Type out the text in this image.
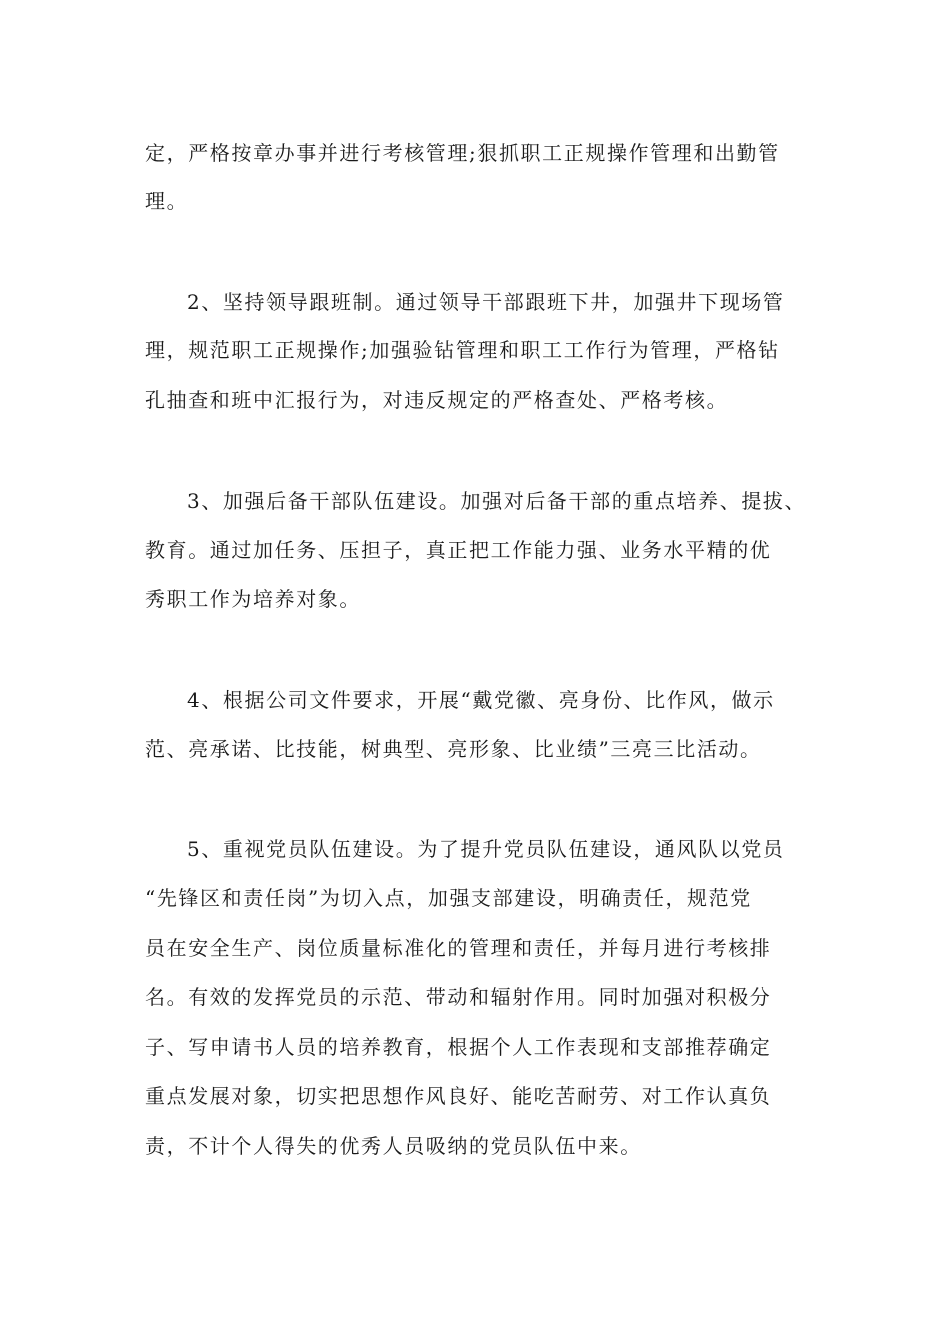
定，严格按章办事并进行考核管理;狠抓职工正规操作管理和出勤管

理。

2、坚持领导跟班制。通过领导干部跟班下井，加强井下现场管

理，规范职工正规操作;加强验钻管理和职工工作行为管理，严格钻

孔抽查和班中汇报行为，对违反规定的严格查处、严格考核。

3、加强后备干部队伍建设。加强对后备干部的重点培养、提拔、

教育。通过加任务、压担子，真正把工作能力强、业务水平精的优

秀职工作为培养对象。

4、根据公司文件要求，开展“戴党徽、亮身份、比作风，做示

范、亮承诺、比技能，树典型、亮形象、比业绩”三亮三比活动。

5、重视党员队伍建设。为了提升党员队伍建设，通风队以党员

“先锋区和责任岗”为切入点，加强支部建设，明确责任，规范党

员在安全生产、岗位质量标准化的管理和责任，并每月进行考核排

名。有效的发挥党员的示范、带动和辐射作用。同时加强对积极分

子、写申请书人员的培养教育，根据个人工作表现和支部推荐确定

重点发展对象，切实把思想作风良好、能吃苦耐劳、对工作认真负

责，不计个人得失的优秀人员吸纳的党员队伍中来。
